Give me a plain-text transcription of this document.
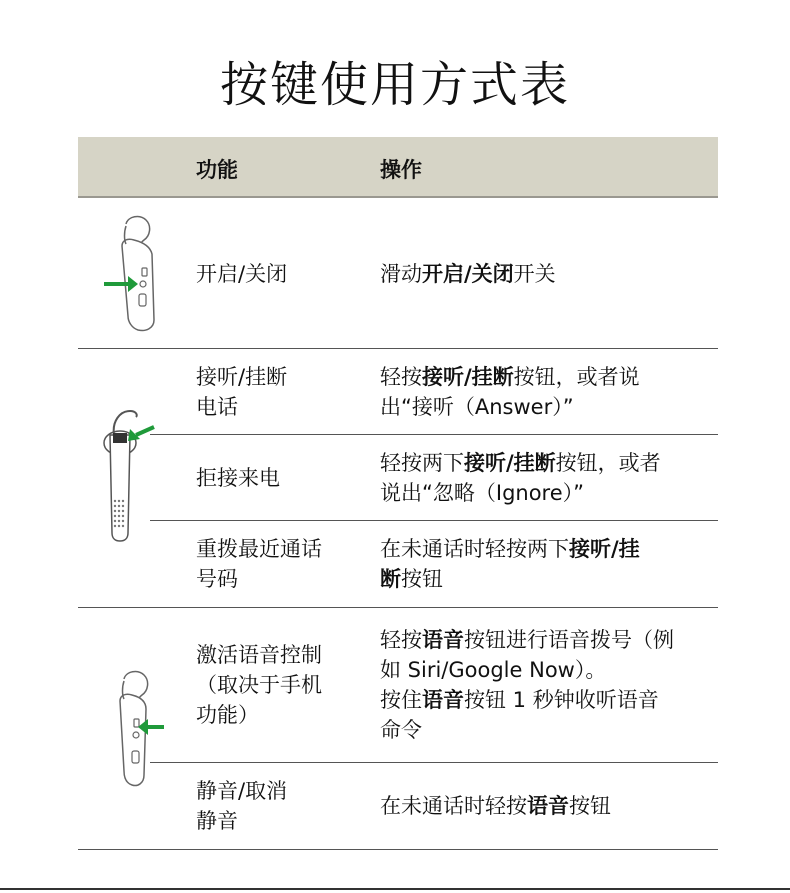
按键使用方式表
功能	操作
开启/关闭	滑动开启/关闭开关
接听/挂断
电话
轻按接听/挂断按钮，或者说
出“接听（Answer）”
拒接来电
轻按两下接听/挂断按钮，或者
说出“忽略（Ignore）”
重拨最近通话
号码
在未通话时轻按两下接听/挂
断按钮
激活语音控制
（取决于手机
功能）
轻按语音按钮进行语音拨号（例
如 Siri/Google Now）。
按住语音按钮 1 秒钟收听语音
命令
静音/取消
静音
在未通话时轻按语音按钮
